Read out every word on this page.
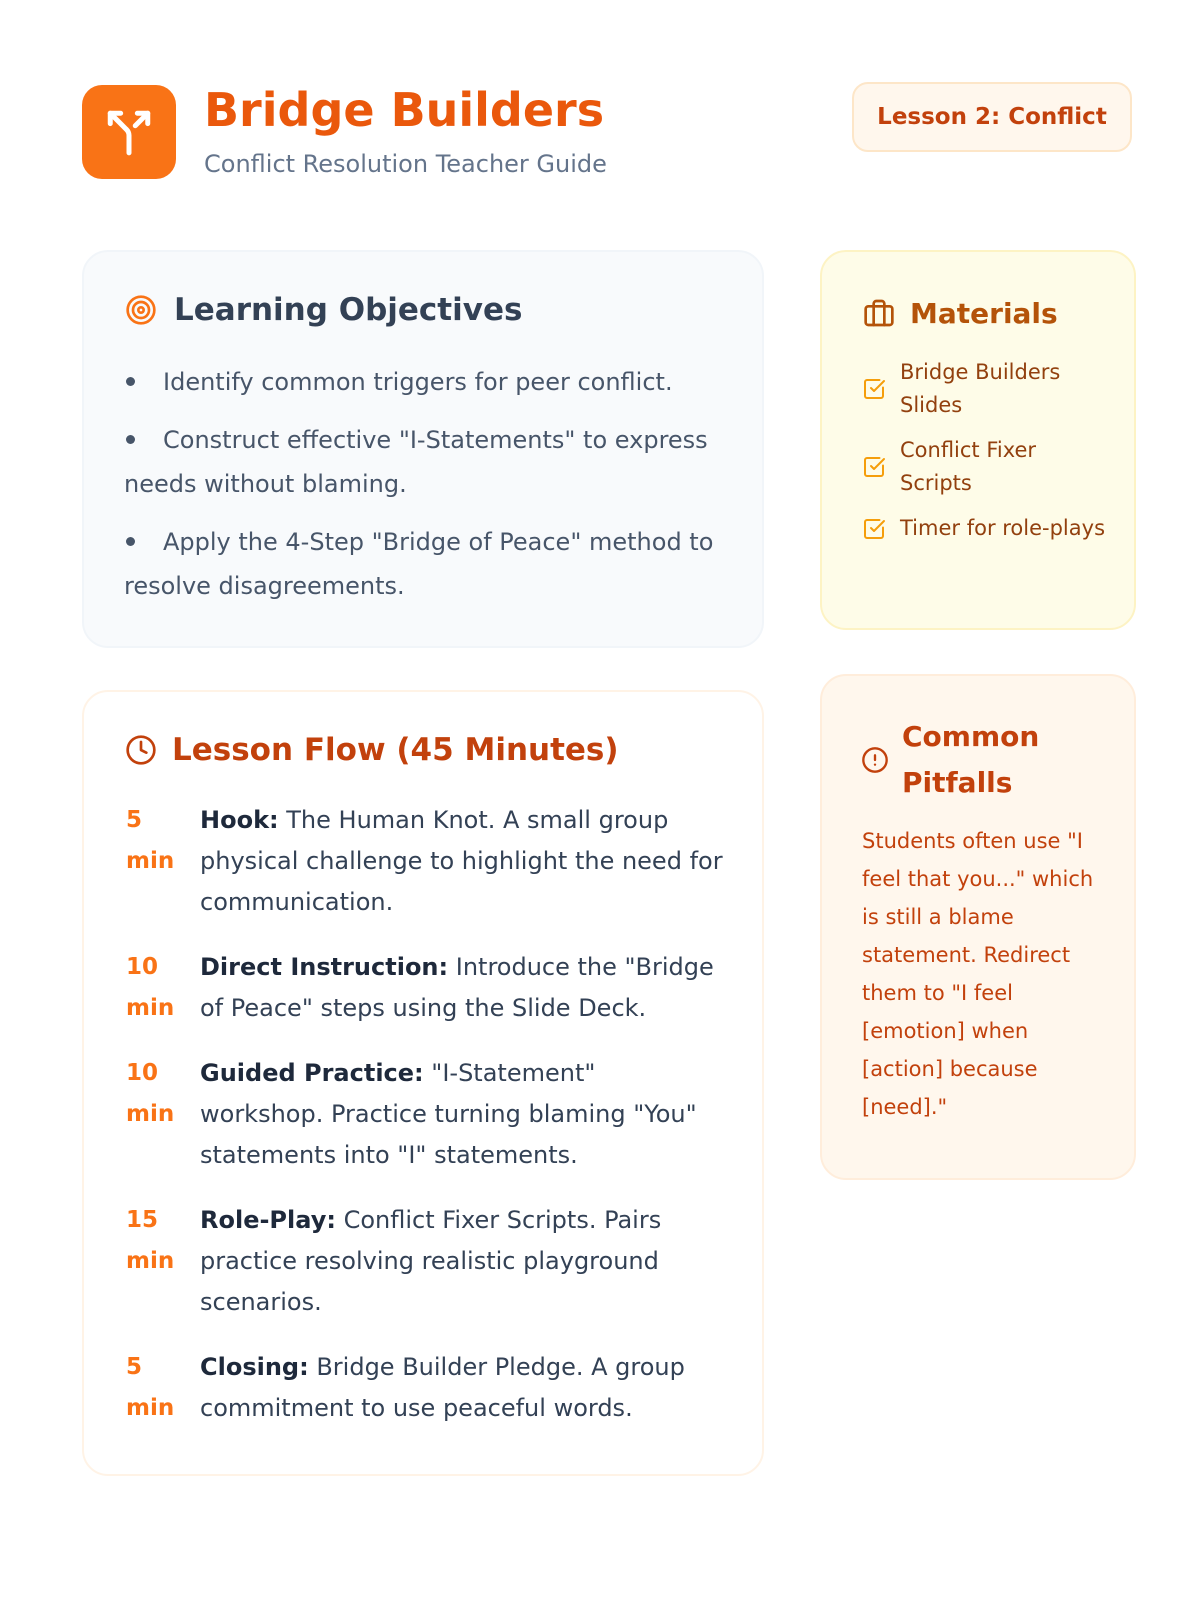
Bridge Builders
Conflict Resolution Teacher Guide
Lesson 2: Conflict
Learning Objectives
Identify common triggers for peer conflict.
Construct effective "I-Statements" to express needs without blaming.
Apply the 4-Step "Bridge of Peace" method to resolve disagreements.
Lesson Flow (45 Minutes)
5 min
Hook: The Human Knot. A small group physical challenge to highlight the need for communication.
10 min
Direct Instruction: Introduce the "Bridge of Peace" steps using the Slide Deck.
10 min
Guided Practice: "I-Statement" workshop. Practice turning blaming "You" statements into "I" statements.
15 min
Role-Play: Conflict Fixer Scripts. Pairs practice resolving realistic playground scenarios.
5 min
Closing: Bridge Builder Pledge. A group commitment to use peaceful words.
Materials
Bridge Builders Slides
Conflict Fixer Scripts
Timer for role-plays
Common Pitfalls
Students often use "I feel that you..." which is still a blame statement. Redirect them to "I feel [emotion] when [action] because [need]."
